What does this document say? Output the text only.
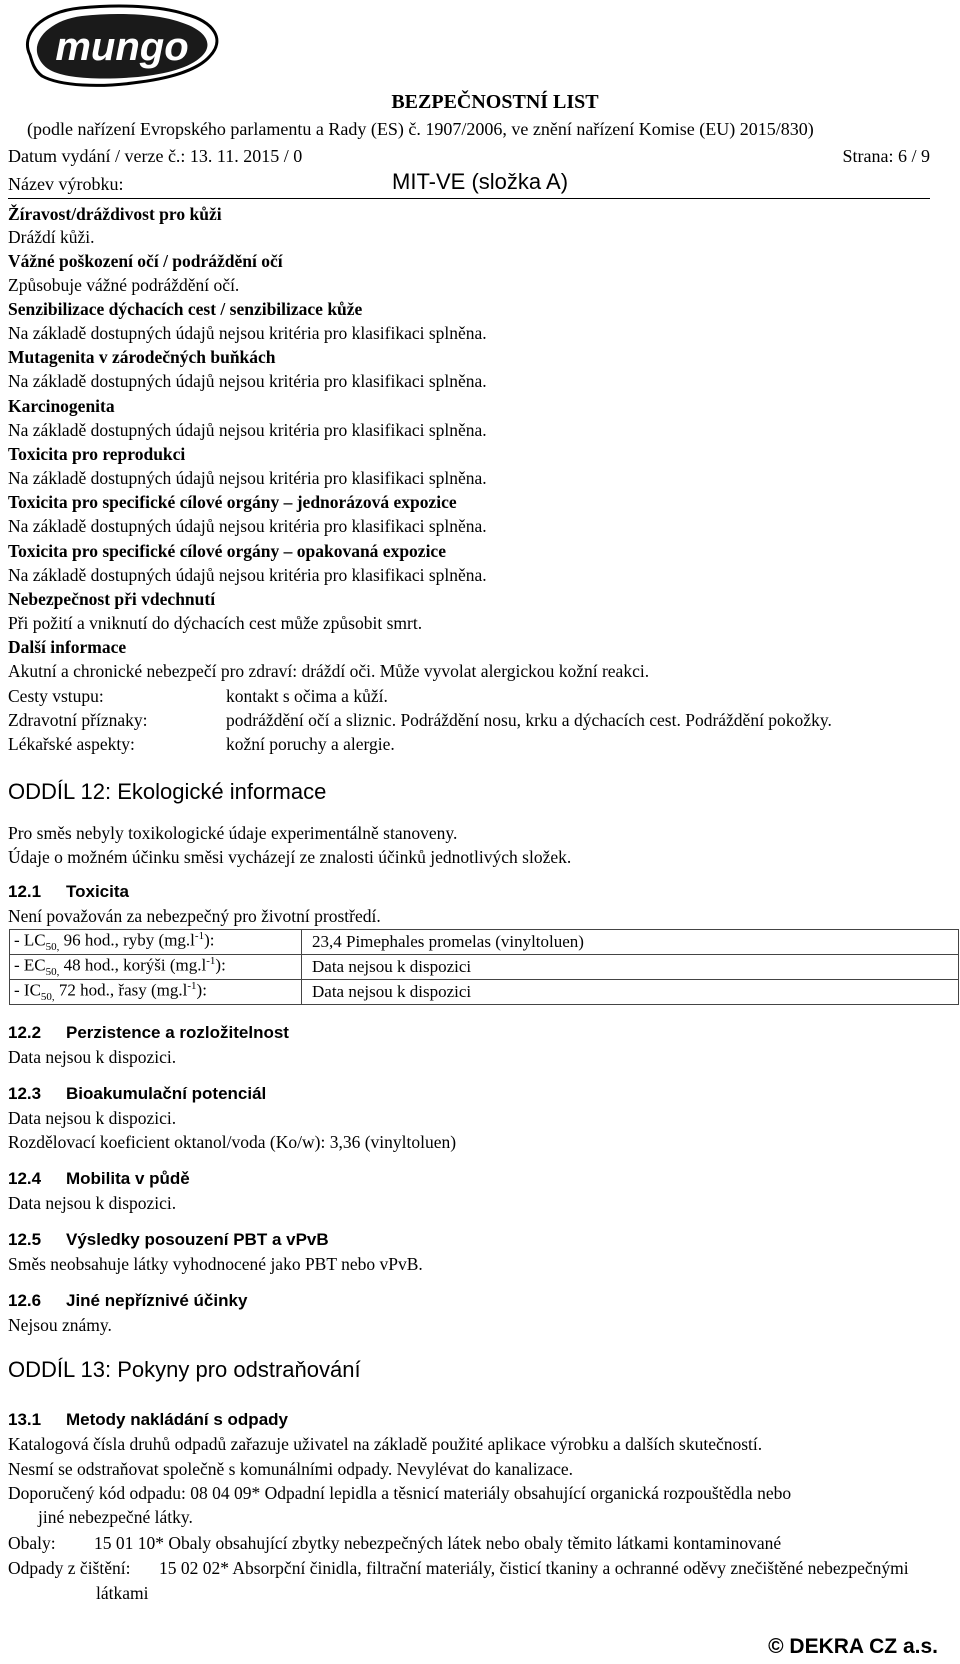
mungo
BEZPEČNOSTNÍ LIST
(podle nařízení Evropského parlamentu a Rady (ES) č. 1907/2006, ve znění nařízení Komise (EU) 2015/830)
Datum vydání / verze č.: 13. 11. 2015 / 0	Strana: 6 / 9
Název výrobku:	MIT-VE (složka A)
Žíravost/dráždivost pro kůži
Dráždí kůži.
Vážné poškození očí / podráždění očí
Způsobuje vážné podráždění očí.
Senzibilizace dýchacích cest / senzibilizace kůže
Na základě dostupných údajů nejsou kritéria pro klasifikaci splněna.
Mutagenita v zárodečných buňkách
Na základě dostupných údajů nejsou kritéria pro klasifikaci splněna.
Karcinogenita
Na základě dostupných údajů nejsou kritéria pro klasifikaci splněna.
Toxicita pro reprodukci
Na základě dostupných údajů nejsou kritéria pro klasifikaci splněna.
Toxicita pro specifické cílové orgány – jednorázová expozice
Na základě dostupných údajů nejsou kritéria pro klasifikaci splněna.
Toxicita pro specifické cílové orgány – opakovaná expozice
Na základě dostupných údajů nejsou kritéria pro klasifikaci splněna.
Nebezpečnost při vdechnutí
Při požití a vniknutí do dýchacích cest může způsobit smrt.
Další informace
Akutní a chronické nebezpečí pro zdraví: dráždí oči. Může vyvolat alergickou kožní reakci.
Cesty vstupu:	kontakt s očima a kůží.
Zdravotní příznaky:	podráždění očí a sliznic. Podráždění nosu, krku a dýchacích cest. Podráždění pokožky.
Lékařské aspekty:	kožní poruchy a alergie.
ODDÍL 12: Ekologické informace
Pro směs nebyly toxikologické údaje experimentálně stanoveny.
Údaje o možném účinku směsi vycházejí ze znalosti účinků jednotlivých složek.
12.1 Toxicita
Není považován za nebezpečný pro životní prostředí.
- $LC_{50,}$ 96 hod., ryby $(mg.l^{-1})$:	23,4 Pimephales promelas (vinyltoluen)
- $EC_{50,}$ 48 hod., korýši $(mg.l^{-1})$:	Data nejsou k dispozici
- $IC_{50,}$ 72 hod., řasy $(mg.l^{-1})$:	Data nejsou k dispozici
12.2 Perzistence a rozložitelnost
Data nejsou k dispozici.
12.3 Bioakumulační potenciál
Data nejsou k dispozici.
Rozdělovací koeficient oktanol/voda (Ko/w): 3,36 (vinyltoluen)
12.4 Mobilita v půdě
Data nejsou k dispozici.
12.5 Výsledky posouzení PBT a vPvB
Směs neobsahuje látky vyhodnocené jako PBT nebo vPvB.
12.6 Jiné nepříznivé účinky
Nejsou známy.
ODDÍL 13: Pokyny pro odstraňování
13.1 Metody nakládání s odpady
Katalogová čísla druhů odpadů zařazuje uživatel na základě použité aplikace výrobku a dalších skutečností.
Nesmí se odstraňovat společně s komunálními odpady. Nevylévat do kanalizace.
Doporučený kód odpadu: 08 04 09* Odpadní lepidla a těsnicí materiály obsahující organická rozpouštědla nebo
jiné nebezpečné látky.
Obaly: 15 01 10* Obaly obsahující zbytky nebezpečných látek nebo obaly těmito látkami kontaminované
Odpady z čištění:	15 02 02* Absorpční činidla, filtrační materiály, čisticí tkaniny a ochranné oděvy znečištěné nebezpečnými látkami
© DEKRA CZ a.s.
